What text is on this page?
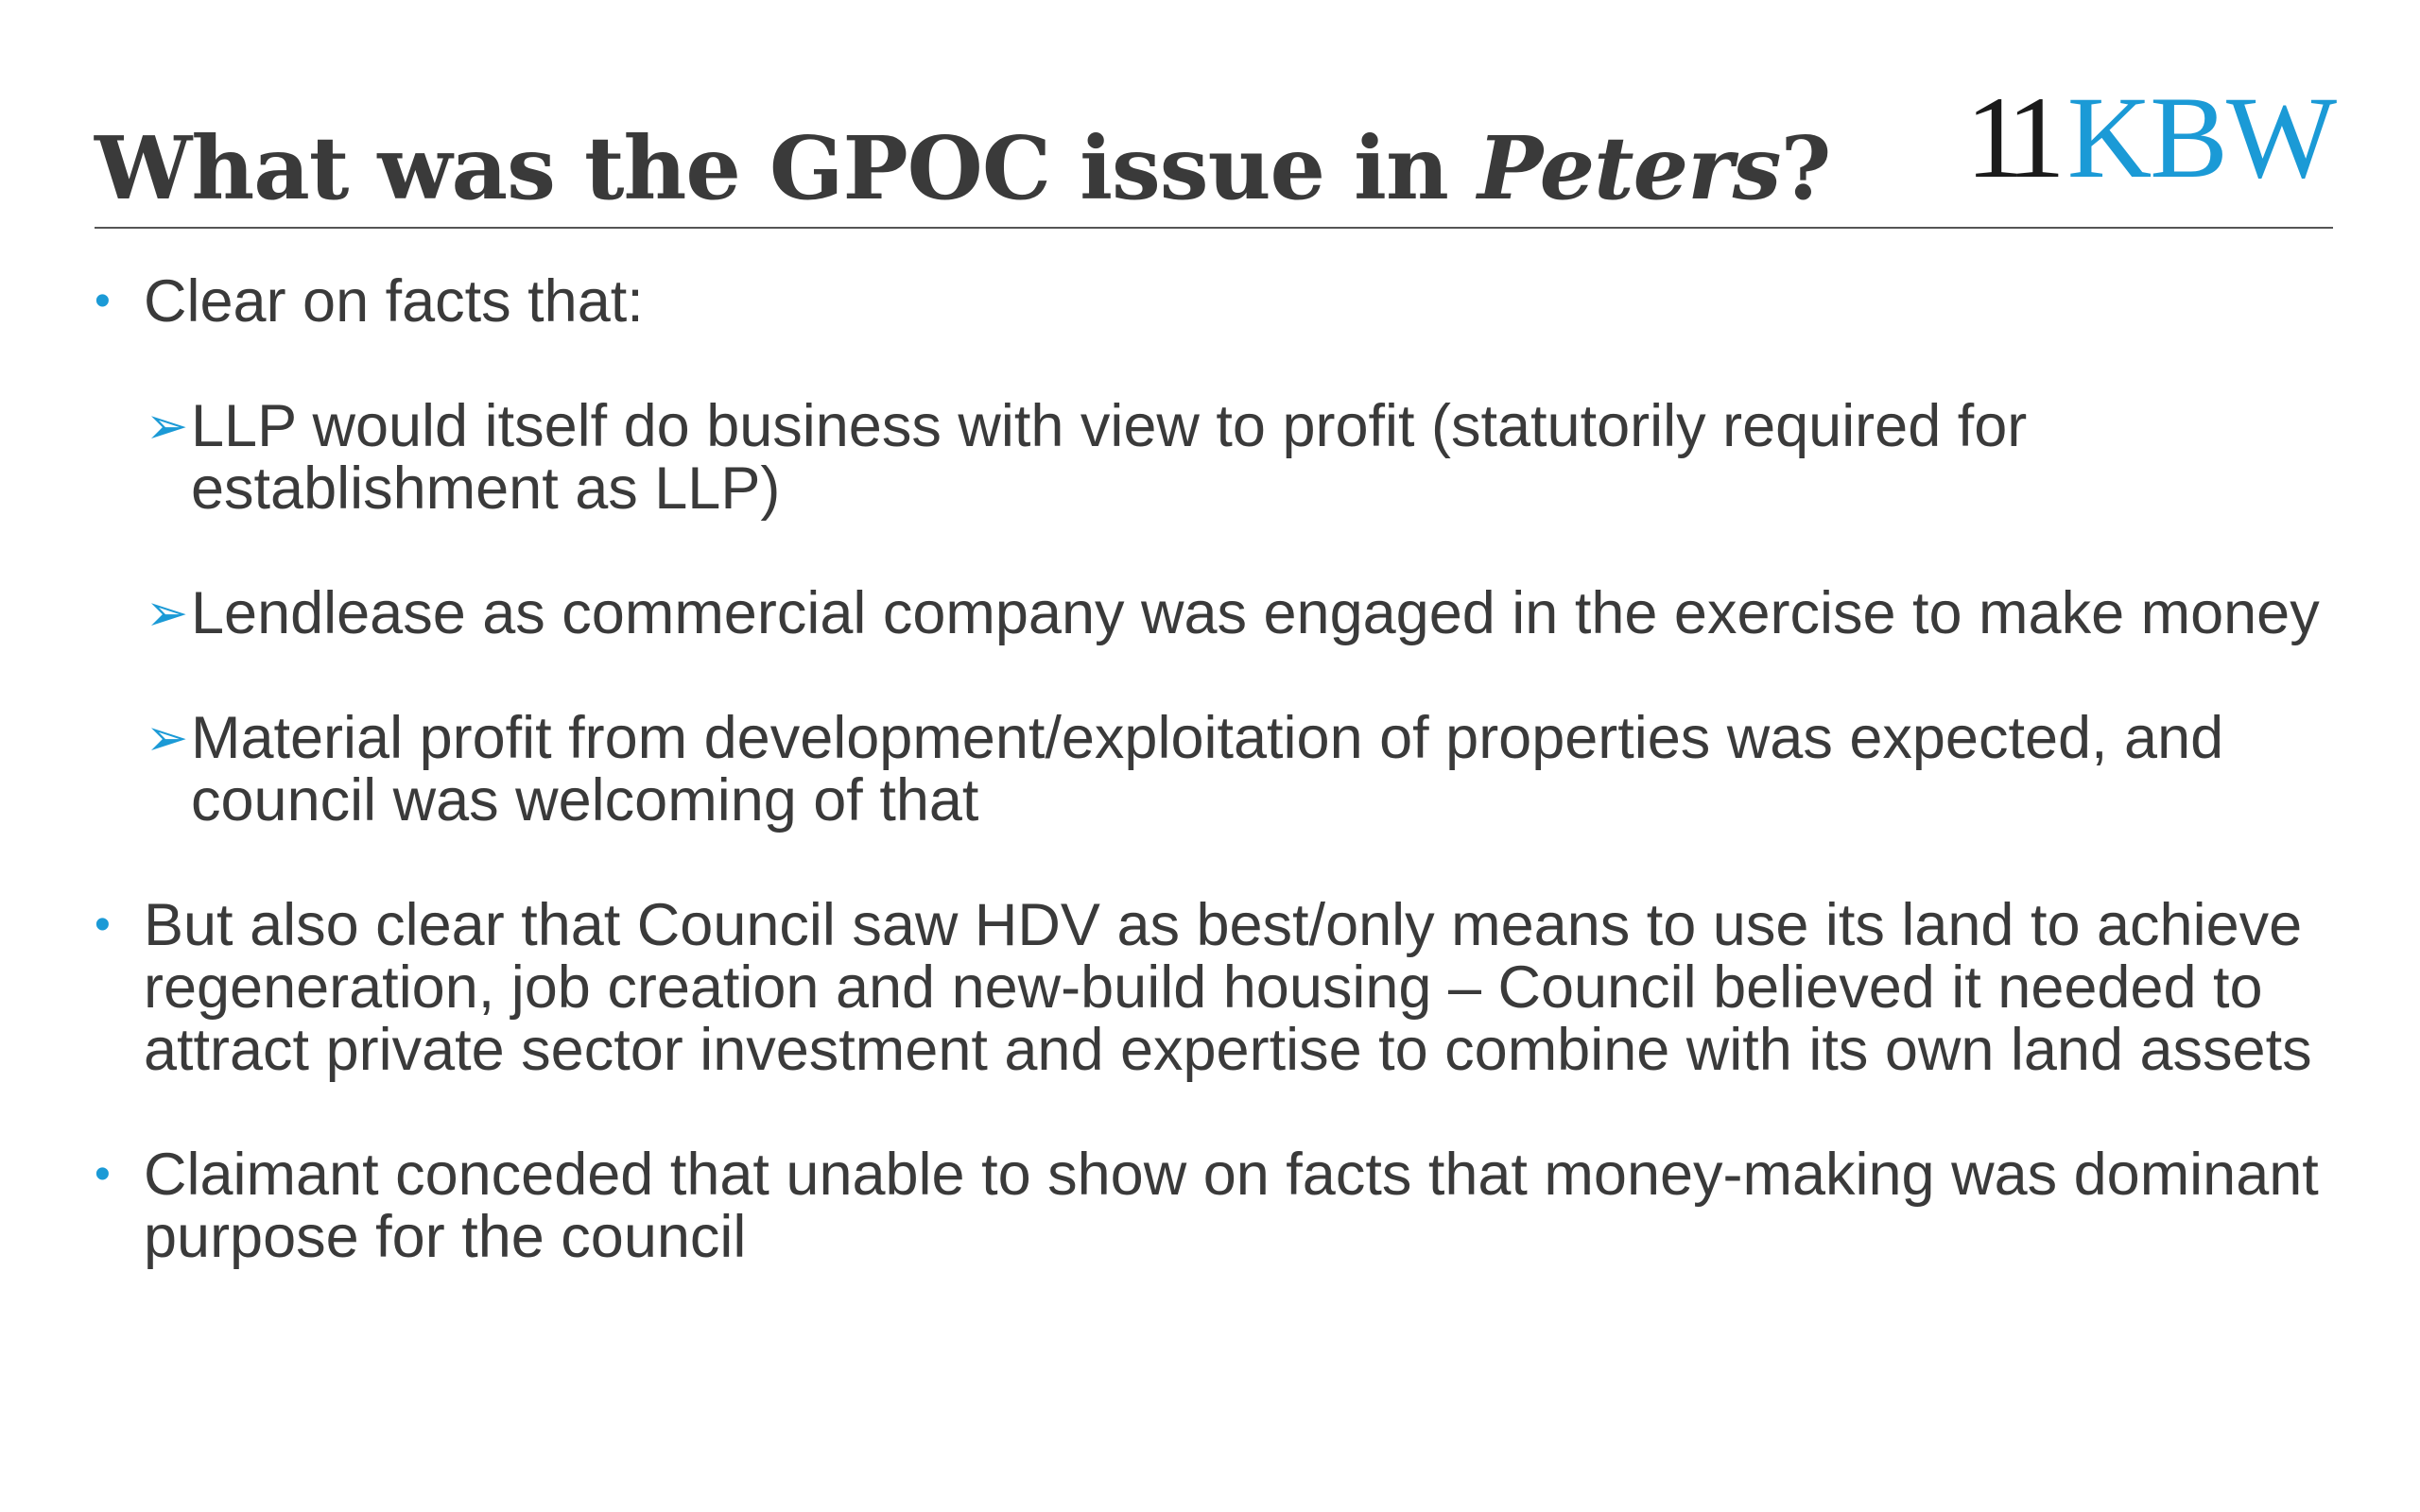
What was the GPOC issue in Peters? 11 KBW
• Clear on facts that:
➢ LLP would itself do business with view to profit (statutorily required for establishment as LLP)
➢ Lendlease as commercial company was engaged in the exercise to make money
➢ Material profit from development/exploitation of properties was expected, and council was welcoming of that
• But also clear that Council saw HDV as best/only means to use its land to achieve regeneration, job creation and new-build housing – Council believed it needed to attract private sector investment and expertise to combine with its own land assets
• Claimant conceded that unable to show on facts that money-making was dominant purpose for the council
